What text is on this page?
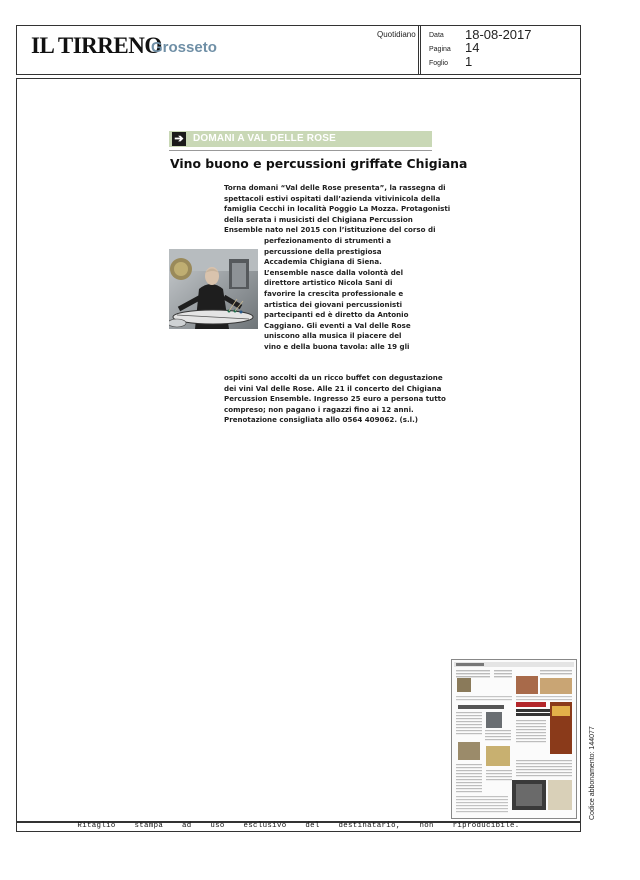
IL TIRRENO
Grosseto
Quotidiano Data 18-08-2017
Pagina 14
Foglio 1
➔ DOMANI A VAL DELLE ROSE
Vino buono e percussioni griffate Chigiana

Torna domani “Val delle Rose presenta”, la rassegna di

spettacoli estivi ospitati dall’azienda vitivinicola della

famiglia Cecchi in località Poggio La Mozza. Protagonisti

della serata i musicisti del Chigiana Percussion

Ensemble nato nel 2015 con l’istituzione del corso di

perfezionamento di strumenti a

percussione della prestigiosa

Accademia Chigiana di Siena.

L’ensemble nasce dalla volontà del

direttore artistico Nicola Sani di

favorire la crescita professionale e

artistica dei giovani percussionisti

partecipanti ed è diretto da Antonio

Caggiano. Gli eventi a Val delle Rose

uniscono alla musica il piacere del

vino e della buona tavola: alle 19 gli

ospiti sono accolti da un ricco buffet con degustazione

dei vini Val delle Rose. Alle 21 il concerto del Chigiana

Percussion Ensemble. Ingresso 25 euro a persona tutto

compreso; non pagano i ragazzi fino ai 12 anni.

Prenotazione consigliata allo 0564 409062. (s.l.)

Codice abbonamento: 144077
Ritaglio stampa ad uso esclusivo del destinatario, non riproducibile.
